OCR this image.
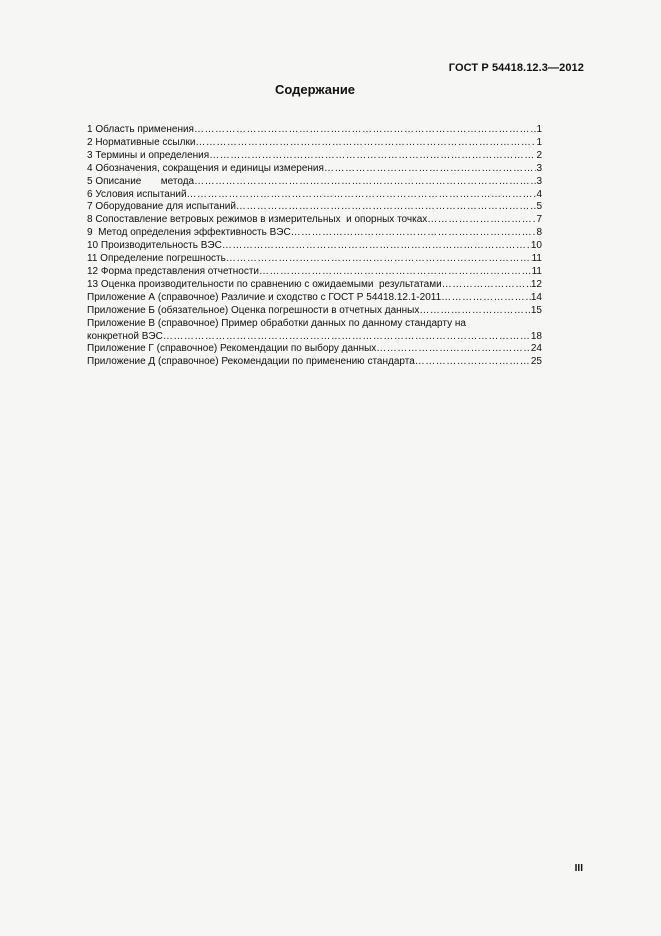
ГОСТ Р 54418.12.3—2012
Содержание
1 Область применения ………………………………………………………………………………………………………………………………………………………………	1
2 Нормативные ссылки ………………………………………………………………………………………………………………………………………………………………	1
3 Термины и определения ………………………………………………………………………………………………………………………………………………………………	2
4 Обозначения, сокращения и единицы измерения ………………………………………………………………………………………………………………………………………………………………	3
5 Описание       метода ………………………………………………………………………………………………………………………………………………………………	3
6 Условия испытаний ………………………………………………………………………………………………………………………………………………………………	4
7 Оборудование для испытаний ………………………………………………………………………………………………………………………………………………………………	5
8 Сопоставление ветровых режимов в измерительных  и опорных точках ………………………………………………………………………………………………………………………………………………………………	7
9  Метод определения эффективность ВЭС ………………………………………………………………………………………………………………………………………………………………	8
10 Производительность ВЭС ………………………………………………………………………………………………………………………………………………………………	10
11 Определение погрешность ………………………………………………………………………………………………………………………………………………………………	11
12 Форма представления отчетности ………………………………………………………………………………………………………………………………………………………………	11
13 Оценка производительности по сравнению с ожидаемыми  результатами ………………………………………………………………………………………………………………………………………………………………	12
Приложение А (справочное) Различие и сходство с ГОСТ Р 54418.12.1-2011 ………………………………………………………………………………………………………………………………………………………………	14
Приложение Б (обязательное) Оценка погрешности в отчетных данных ………………………………………………………………………………………………………………………………………………………………	15
Приложение В (справочное) Пример обработки данных по данному стандарту на
конкретной ВЭС ………………………………………………………………………………………………………………………………………………………………	18
Приложение Г (справочное) Рекомендации по выбору данных ………………………………………………………………………………………………………………………………………………………………	24
Приложение Д (справочное) Рекомендации по применению стандарта ………………………………………………………………………………………………………………………………………………………………	25
III
